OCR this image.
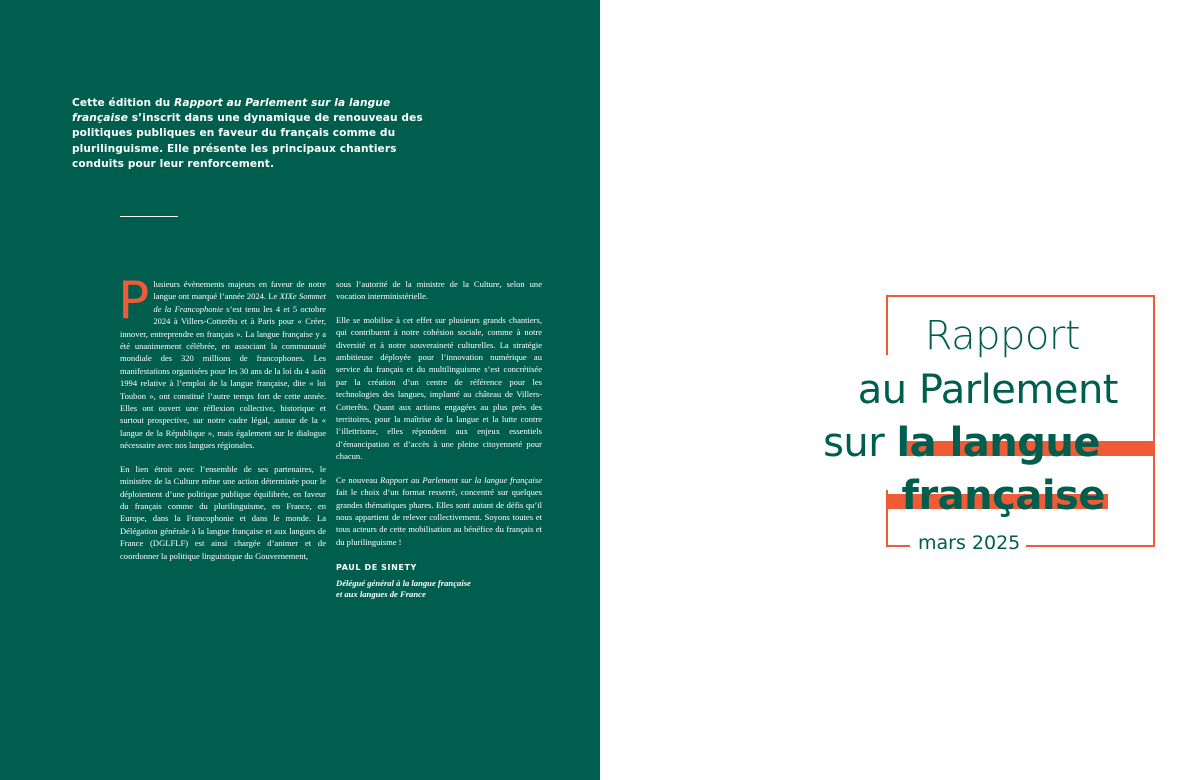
Cette édition du Rapport au Parlement sur la langue française s’inscrit dans une dynamique de renouveau des politiques publiques en faveur du français comme du plurilinguisme. Elle présente les principaux chantiers conduits pour leur renforcement.

Plusieurs évènements majeurs en faveur de notre langue ont marqué l’année 2024. Le XIXe Sommet de la Francophonie s’est tenu les 4 et 5 octobre 2024 à Villers-Cotterêts et à Paris pour « Créer, innover, entreprendre en français ». La langue française y a été unanimement célébrée, en associant la communauté mondiale des 320 millions de francophones. Les manifestations organisées pour les 30 ans de la loi du 4 août 1994 relative à l’emploi de la langue française, dite « loi Toubon », ont constitué l’autre temps fort de cette année. Elles ont ouvert une réflexion collective, historique et surtout prospective, sur notre cadre légal, autour de la « langue de la République », mais également sur le dialogue nécessaire avec nos langues régionales.

En lien étroit avec l’ensemble de ses partenaires, le ministère de la Culture mène une action déterminée pour le déploiement d’une politique publique équilibrée, en faveur du français comme du plurilinguisme, en France, en Europe, dans la Francophonie et dans le monde. La Délégation générale à la langue française et aux langues de France (DGLFLF) est ainsi chargée d’animer et de coordonner la politique linguistique du Gouvernement,

sous l’autorité de la ministre de la Culture, selon une vocation interministérielle.

Elle se mobilise à cet effet sur plusieurs grands chantiers, qui contribuent à notre cohésion sociale, comme à notre diversité et à notre souveraineté culturelles. La stratégie ambitieuse déployée pour l’innovation numérique au service du français et du multilinguisme s’est concrétisée par la création d’un centre de référence pour les technologies des langues, implanté au château de Villers-Cotterêts. Quant aux actions engagées au plus près des territoires, pour la maîtrise de la langue et la lutte contre l’illettrisme, elles répondent aux enjeux essentiels d’émancipation et d’accès à une pleine citoyenneté pour chacun.

Ce nouveau Rapport au Parlement sur la langue française fait le choix d’un format resserré, concentré sur quelques grandes thématiques phares. Elles sont autant de défis qu’il nous appartient de relever collectivement. Soyons toutes et tous acteurs de cette mobilisation au bénéfice du français et du plurilinguisme !

PAUL DE SINETY
Délégué général à la langue française
et aux langues de France
Rapport
au Parlement
sur la langue
française
mars 2025
